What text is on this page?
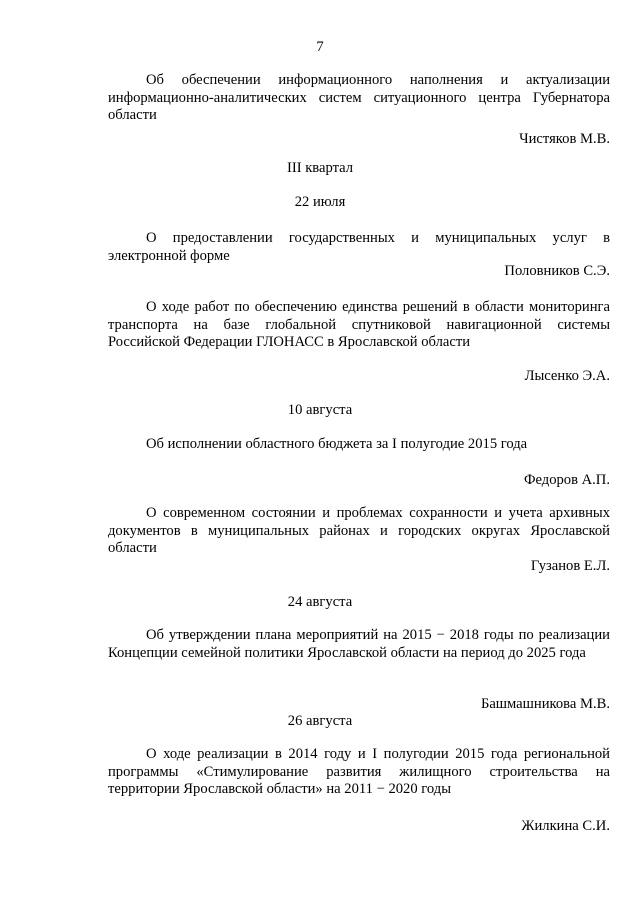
7

Об обеспечении информационного наполнения и актуализации информационно-аналитических систем ситуационного центра Губернатора области

Чистяков М.В.
III квартал
22 июля

О предоставлении государственных и муниципальных услуг в электронной форме

Половников С.Э.

О ходе работ по обеспечению единства решений в области мониторинга транспорта на базе глобальной спутниковой навигационной системы Российской Федерации ГЛОНАСС в Ярославской области

Лысенко Э.А.
10 августа

Об исполнении областного бюджета за I полугодие 2015 года

Федоров А.П.

О современном состоянии и проблемах сохранности и учета архивных документов в муниципальных районах и городских округах Ярославской области

Гузанов Е.Л.
24 августа

Об утверждении плана мероприятий на 2015 − 2018 годы по реализации Концепции семейной политики Ярославской области на период до 2025 года

Башмашникова М.В.
26 августа

О ходе реализации в 2014 году и I полугодии 2015 года региональной программы «Стимулирование развития жилищного строительства на территории Ярославской области» на 2011 − 2020 годы

Жилкина С.И.
